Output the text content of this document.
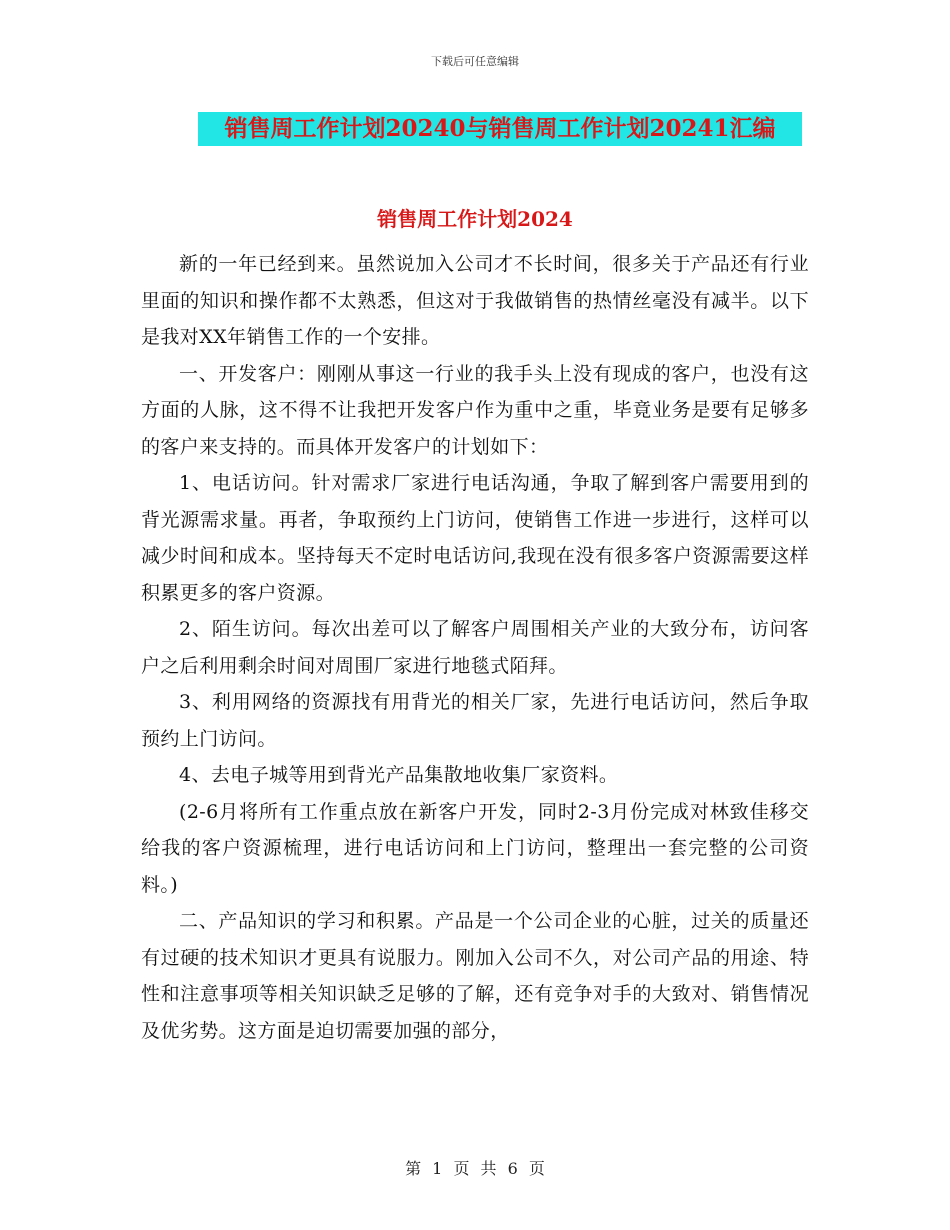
下载后可任意编辑
销售周工作计划20240与销售周工作计划20241汇编
销售周工作计划2024

新的一年已经到来。虽然说加入公司才不长时间，很多关于产品还有行业里面的知识和操作都不太熟悉，但这对于我做销售的热情丝毫没有减半。以下是我对XX年销售工作的一个安排。

一、开发客户：刚刚从事这一行业的我手头上没有现成的客户，也没有这方面的人脉，这不得不让我把开发客户作为重中之重，毕竟业务是要有足够多的客户来支持的。而具体开发客户的计划如下：

1、电话访问。针对需求厂家进行电话沟通，争取了解到客户需要用到的背光源需求量。再者，争取预约上门访问，使销售工作进一步进行，这样可以减少时间和成本。坚持每天不定时电话访问,我现在没有很多客户资源需要这样积累更多的客户资源。

2、陌生访问。每次出差可以了解客户周围相关产业的大致分布，访问客户之后利用剩余时间对周围厂家进行地毯式陌拜。

3、利用网络的资源找有用背光的相关厂家，先进行电话访问，然后争取预约上门访问。

4、去电子城等用到背光产品集散地收集厂家资料。

(2-6月将所有工作重点放在新客户开发，同时2-3月份完成对林致佳移交给我的客户资源梳理，进行电话访问和上门访问，整理出一套完整的公司资料。)

二、产品知识的学习和积累。产品是一个公司企业的心脏，过关的质量还有过硬的技术知识才更具有说服力。刚加入公司不久，对公司产品的用途、特性和注意事项等相关知识缺乏足够的了解，还有竞争对手的大致对、销售情况及优劣势。这方面是迫切需要加强的部分，

第 1 页 共 6 页
